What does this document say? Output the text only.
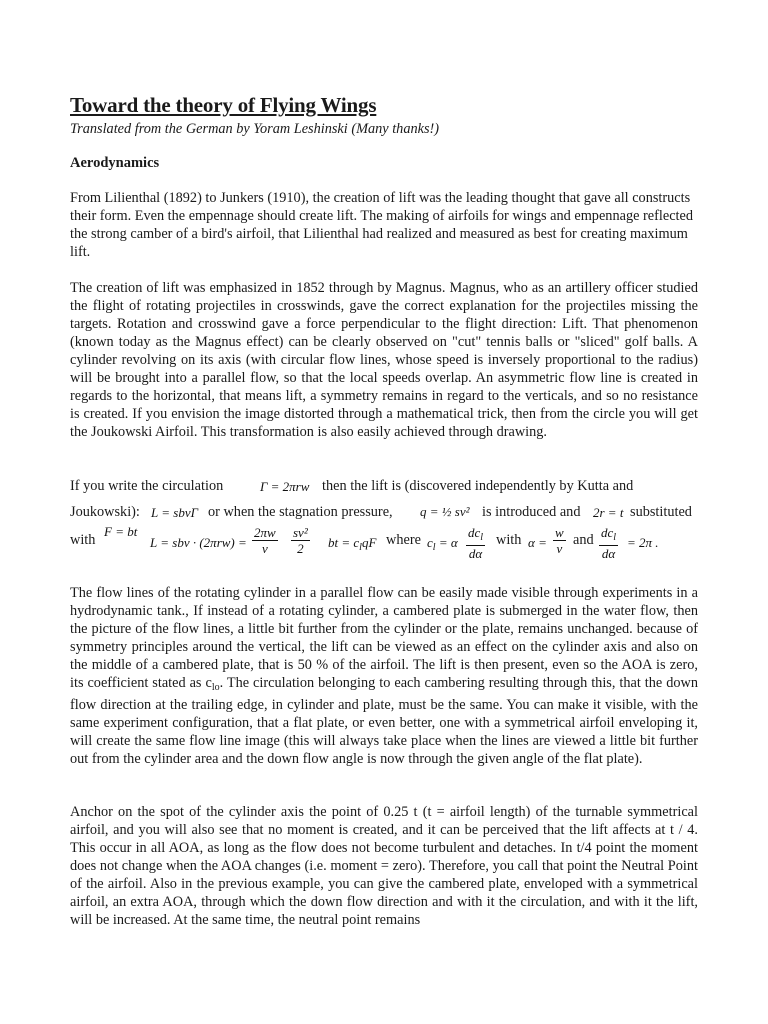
Toward the theory of Flying Wings
Translated from the German by Yoram Leshinski (Many thanks!)
Aerodynamics

From Lilienthal (1892) to Junkers (1910), the creation of lift was the leading thought that gave all constructs their form. Even the empennage should create lift. The making of airfoils for wings and empennage reflected the strong camber of a bird's airfoil, that Lilienthal had realized and measured as best for creating maximum lift.

The creation of lift was emphasized in 1852 through by Magnus. Magnus, who as an artillery officer studied the flight of rotating projectiles in crosswinds, gave the correct explanation for the projectiles missing the targets. Rotation and crosswind gave a force perpendicular to the flight direction: Lift. That phenomenon (known today as the Magnus effect) can be clearly observed on "cut" tennis balls or "sliced" golf balls. A cylinder revolving on its axis (with circular flow lines, whose speed is inversely proportional to the radius) will be brought into a parallel flow, so that the local speeds overlap. An asymmetric flow line is created in regards to the horizontal, that means lift, a symmetry remains in regard to the verticals, and so no resistance is created. If you envision the image distorted through a mathematical trick, then from the circle you will get the Joukowski Airfoil. This transformation is also easily achieved through drawing.

If you write the circulation	Γ = 2πrw then the lift is (discovered independently by Kutta and
Joukowski): L = sbvΓ or when the stagnation pressure, q = ½ sv² is introduced and 2r = t substituted
with
F = bt
L = sbv · $(2\pi rw) = \frac{2\pi w}{v} \frac{\text{sv²}}{2}$ bt = $c_lqF$ where $c_l = \alpha \frac{dc_l}{d\alpha}$ with $\alpha = \frac{w}{v}$ and $\frac{dc_l}{d\alpha} = 2\pi$ .

The flow lines of the rotating cylinder in a parallel flow can be easily made visible through experiments in a hydrodynamic tank., If instead of a rotating cylinder, a cambered plate is submerged in the water flow, then the picture of the flow lines, a little bit further from the cylinder or the plate, remains unchanged. because of symmetry principles around the vertical, the lift can be viewed as an effect on the cylinder axis and also on the middle of a cambered plate, that is 50 % of the airfoil. The lift is then present, even so the AOA is zero, its coefficient stated as $c_{lo}$. The circulation belonging to each cambering resulting through this, that the down flow direction at the trailing edge, in cylinder and plate, must be the same. You can make it visible, with the same experiment configuration, that a flat plate, or even better, one with a symmetrical airfoil enveloping it, will create the same flow line image (this will always take place when the lines are viewed a little bit further out from the cylinder area and the down flow angle is now through the given angle of the flat plate).

Anchor on the spot of the cylinder axis the point of 0.25 t (t = airfoil length) of the turnable symmetrical airfoil, and you will also see that no moment is created, and it can be perceived that the lift affects at t / 4. This occur in all AOA, as long as the flow does not become turbulent and detaches. In t/4 point the moment does not change when the AOA changes (i.e. moment = zero). Therefore, you call that point the Neutral Point of the airfoil. Also in the previous example, you can give the cambered plate, enveloped with a symmetrical airfoil, an extra AOA, through which the down flow direction and with it the circulation, and with it the lift, will be increased. At the same time, the neutral point remains
